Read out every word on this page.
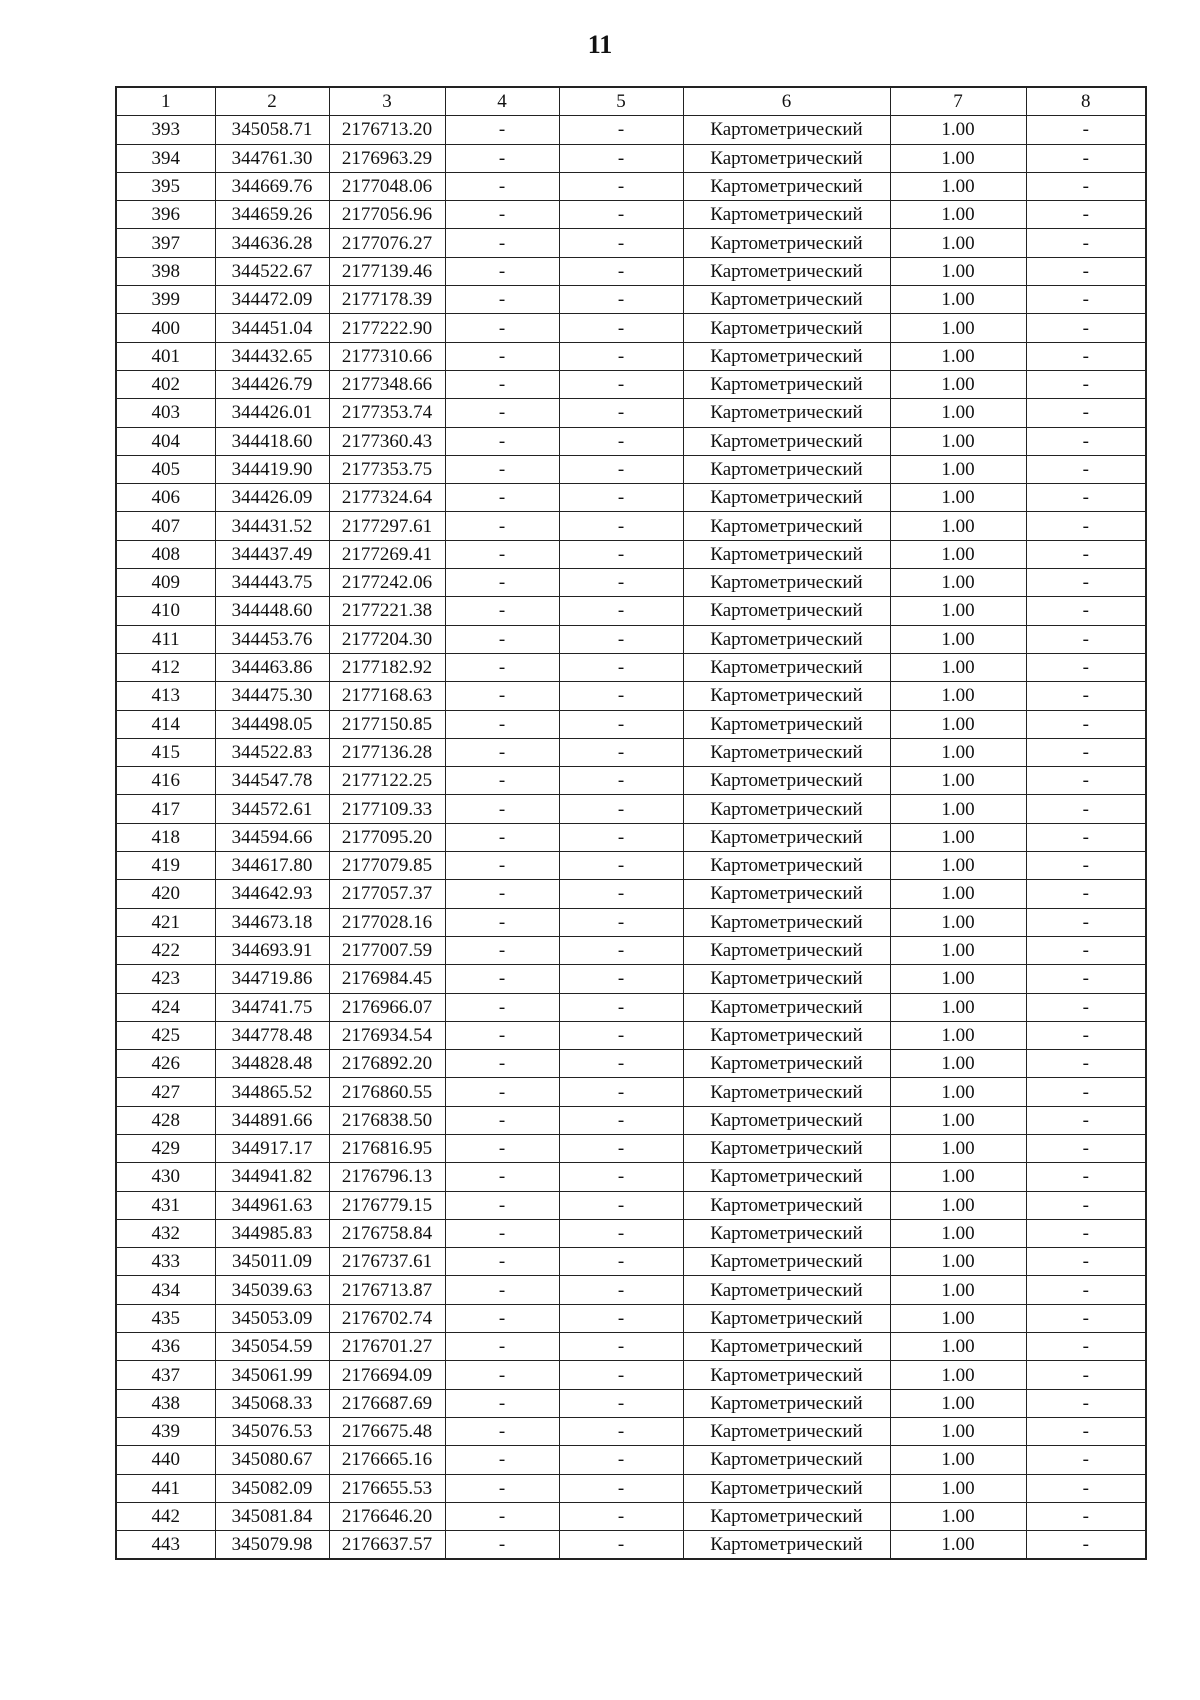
11
1	2	3	4	5	6	7	8
393	345058.71	2176713.20	-	-	Картометрический	1.00	-
394	344761.30	2176963.29	-	-	Картометрический	1.00	-
395	344669.76	2177048.06	-	-	Картометрический	1.00	-
396	344659.26	2177056.96	-	-	Картометрический	1.00	-
397	344636.28	2177076.27	-	-	Картометрический	1.00	-
398	344522.67	2177139.46	-	-	Картометрический	1.00	-
399	344472.09	2177178.39	-	-	Картометрический	1.00	-
400	344451.04	2177222.90	-	-	Картометрический	1.00	-
401	344432.65	2177310.66	-	-	Картометрический	1.00	-
402	344426.79	2177348.66	-	-	Картометрический	1.00	-
403	344426.01	2177353.74	-	-	Картометрический	1.00	-
404	344418.60	2177360.43	-	-	Картометрический	1.00	-
405	344419.90	2177353.75	-	-	Картометрический	1.00	-
406	344426.09	2177324.64	-	-	Картометрический	1.00	-
407	344431.52	2177297.61	-	-	Картометрический	1.00	-
408	344437.49	2177269.41	-	-	Картометрический	1.00	-
409	344443.75	2177242.06	-	-	Картометрический	1.00	-
410	344448.60	2177221.38	-	-	Картометрический	1.00	-
411	344453.76	2177204.30	-	-	Картометрический	1.00	-
412	344463.86	2177182.92	-	-	Картометрический	1.00	-
413	344475.30	2177168.63	-	-	Картометрический	1.00	-
414	344498.05	2177150.85	-	-	Картометрический	1.00	-
415	344522.83	2177136.28	-	-	Картометрический	1.00	-
416	344547.78	2177122.25	-	-	Картометрический	1.00	-
417	344572.61	2177109.33	-	-	Картометрический	1.00	-
418	344594.66	2177095.20	-	-	Картометрический	1.00	-
419	344617.80	2177079.85	-	-	Картометрический	1.00	-
420	344642.93	2177057.37	-	-	Картометрический	1.00	-
421	344673.18	2177028.16	-	-	Картометрический	1.00	-
422	344693.91	2177007.59	-	-	Картометрический	1.00	-
423	344719.86	2176984.45	-	-	Картометрический	1.00	-
424	344741.75	2176966.07	-	-	Картометрический	1.00	-
425	344778.48	2176934.54	-	-	Картометрический	1.00	-
426	344828.48	2176892.20	-	-	Картометрический	1.00	-
427	344865.52	2176860.55	-	-	Картометрический	1.00	-
428	344891.66	2176838.50	-	-	Картометрический	1.00	-
429	344917.17	2176816.95	-	-	Картометрический	1.00	-
430	344941.82	2176796.13	-	-	Картометрический	1.00	-
431	344961.63	2176779.15	-	-	Картометрический	1.00	-
432	344985.83	2176758.84	-	-	Картометрический	1.00	-
433	345011.09	2176737.61	-	-	Картометрический	1.00	-
434	345039.63	2176713.87	-	-	Картометрический	1.00	-
435	345053.09	2176702.74	-	-	Картометрический	1.00	-
436	345054.59	2176701.27	-	-	Картометрический	1.00	-
437	345061.99	2176694.09	-	-	Картометрический	1.00	-
438	345068.33	2176687.69	-	-	Картометрический	1.00	-
439	345076.53	2176675.48	-	-	Картометрический	1.00	-
440	345080.67	2176665.16	-	-	Картометрический	1.00	-
441	345082.09	2176655.53	-	-	Картометрический	1.00	-
442	345081.84	2176646.20	-	-	Картометрический	1.00	-
443	345079.98	2176637.57	-	-	Картометрический	1.00	-
